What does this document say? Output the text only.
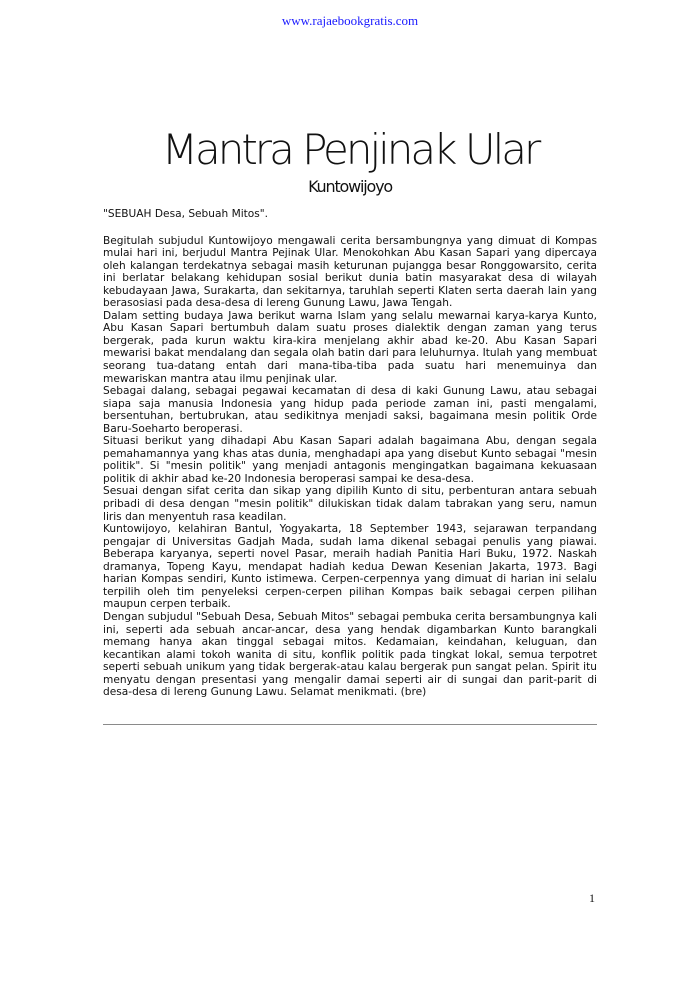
www.rajaebookgratis.com
Mantra Penjinak Ular
Kuntowijoyo

"SEBUAH Desa, Sebuah Mitos".

Begitulah subjudul Kuntowijoyo mengawali cerita bersambungnya yang dimuat di Kompas mulai hari ini, berjudul Mantra Pejinak Ular. Menokohkan Abu Kasan Sapari yang dipercaya oleh kalangan terdekatnya sebagai masih keturunan pujangga besar Ronggowarsito, cerita ini berlatar belakang kehidupan sosial berikut dunia batin masyarakat desa di wilayah kebudayaan Jawa, Surakarta, dan sekitarnya, taruhlah seperti Klaten serta daerah lain yang berasosiasi pada desa-desa di lereng Gunung Lawu, Jawa Tengah.

Dalam setting budaya Jawa berikut warna Islam yang selalu mewarnai karya-karya Kunto, Abu Kasan Sapari bertumbuh dalam suatu proses dialektik dengan zaman yang terus bergerak, pada kurun waktu kira-kira menjelang akhir abad ke-20. Abu Kasan Sapari mewarisi bakat mendalang dan segala olah batin dari para leluhurnya. Itulah yang membuat seorang tua-datang entah dari mana-tiba-tiba pada suatu hari menemuinya dan mewariskan mantra atau ilmu penjinak ular.

Sebagai dalang, sebagai pegawai kecamatan di desa di kaki Gunung Lawu, atau sebagai siapa saja manusia Indonesia yang hidup pada periode zaman ini, pasti mengalami, bersentuhan, bertubrukan, atau sedikitnya menjadi saksi, bagaimana mesin politik Orde Baru-Soeharto beroperasi.

Situasi berikut yang dihadapi Abu Kasan Sapari adalah bagaimana Abu, dengan segala pemahamannya yang khas atas dunia, menghadapi apa yang disebut Kunto sebagai "mesin politik". Si "mesin politik" yang menjadi antagonis mengingatkan bagaimana kekuasaan politik di akhir abad ke-20 Indonesia beroperasi sampai ke desa-desa.

Sesuai dengan sifat cerita dan sikap yang dipilih Kunto di situ, perbenturan antara sebuah pribadi di desa dengan "mesin politik" dilukiskan tidak dalam tabrakan yang seru, namun liris dan menyentuh rasa keadilan.

Kuntowijoyo, kelahiran Bantul, Yogyakarta, 18 September 1943, sejarawan terpandang pengajar di Universitas Gadjah Mada, sudah lama dikenal sebagai penulis yang piawai. Beberapa karyanya, seperti novel Pasar, meraih hadiah Panitia Hari Buku, 1972. Naskah dramanya, Topeng Kayu, mendapat hadiah kedua Dewan Kesenian Jakarta, 1973. Bagi harian Kompas sendiri, Kunto istimewa. Cerpen-cerpennya yang dimuat di harian ini selalu terpilih oleh tim penyeleksi cerpen-cerpen pilihan Kompas baik sebagai cerpen pilihan maupun cerpen terbaik.

Dengan subjudul "Sebuah Desa, Sebuah Mitos" sebagai pembuka cerita bersambungnya kali ini, seperti ada sebuah ancar-ancar, desa yang hendak digambarkan Kunto barangkali memang hanya akan tinggal sebagai mitos. Kedamaian, keindahan, keluguan, dan kecantikan alami tokoh wanita di situ, konflik politik pada tingkat lokal, semua terpotret seperti sebuah unikum yang tidak bergerak-atau kalau bergerak pun sangat pelan. Spirit itu menyatu dengan presentasi yang mengalir damai seperti air di sungai dan parit-parit di desa-desa di lereng Gunung Lawu. Selamat menikmati. (bre)

1
